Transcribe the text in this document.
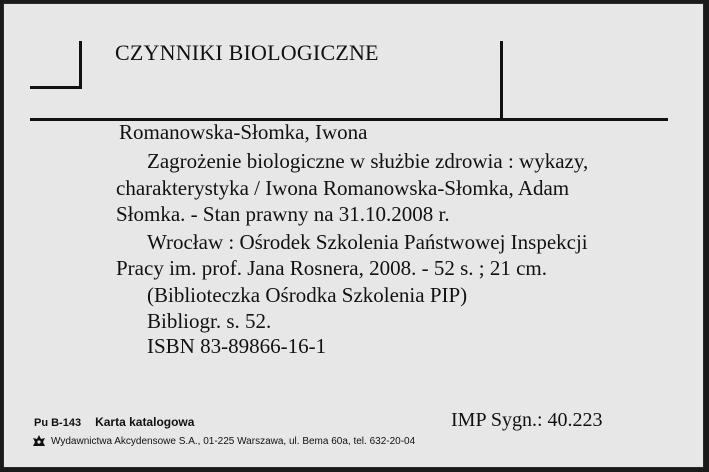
CZYNNIKI BIOLOGICZNE
Romanowska-Słomka, Iwona
Zagrożenie biologiczne w służbie zdrowia : wykazy,
charakterystyka / Iwona Romanowska-Słomka, Adam
Słomka. - Stan prawny na 31.10.2008 r.
Wrocław : Ośrodek Szkolenia Państwowej Inspekcji
Pracy im. prof. Jana Rosnera, 2008. - 52 s. ; 21 cm.
(Biblioteczka Ośrodka Szkolenia PIP)
Bibliogr. s. 52.
ISBN 83-89866-16-1
Pu B-143 Karta katalogowa	IMP Sygn.: 40.223
Wydawnictwa Akcydensowe S.A., 01-225 Warszawa, ul. Bema 60a, tel. 632-20-04
